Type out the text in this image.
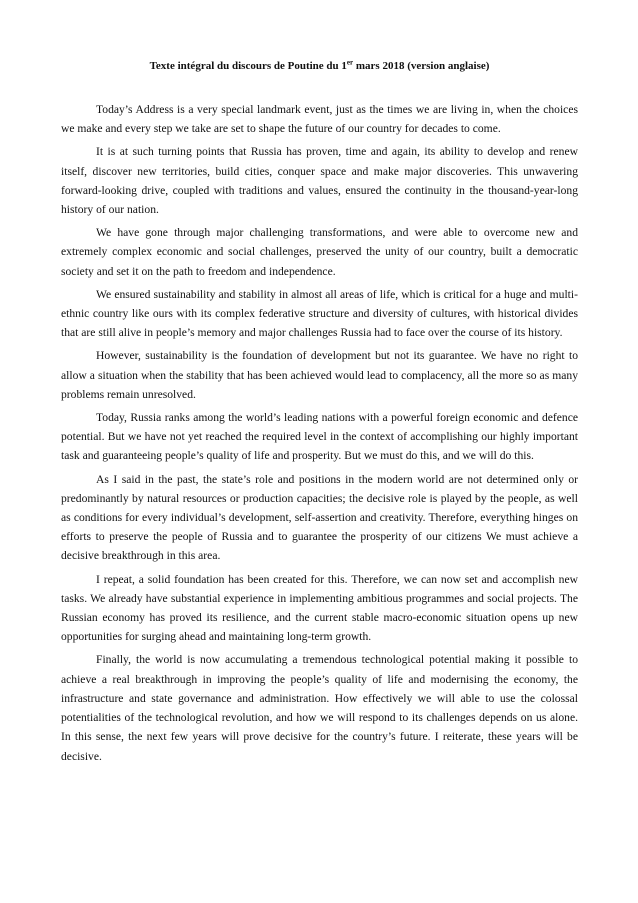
Texte intégral du discours de Poutine du 1er mars 2018 (version anglaise)

Today’s Address is a very special landmark event, just as the times we are living in, when the choices we make and every step we take are set to shape the future of our country for decades to come.

It is at such turning points that Russia has proven, time and again, its ability to develop and renew itself, discover new territories, build cities, conquer space and make major discoveries. This unwavering forward-looking drive, coupled with traditions and values, ensured the continuity in the thousand-year-long history of our nation.

We have gone through major challenging transformations, and were able to overcome new and extremely complex economic and social challenges, preserved the unity of our country, built a democratic society and set it on the path to freedom and independence.

We ensured sustainability and stability in almost all areas of life, which is critical for a huge and multi-ethnic country like ours with its complex federative structure and diversity of cultures, with historical divides that are still alive in people’s memory and major challenges Russia had to face over the course of its history.

However, sustainability is the foundation of development but not its guarantee. We have no right to allow a situation when the stability that has been achieved would lead to complacency, all the more so as many problems remain unresolved.

Today, Russia ranks among the world’s leading nations with a powerful foreign economic and defence potential. But we have not yet reached the required level in the context of accomplishing our highly important task and guaranteeing people’s quality of life and prosperity. But we must do this, and we will do this.

As I said in the past, the state’s role and positions in the modern world are not determined only or predominantly by natural resources or production capacities; the decisive role is played by the people, as well as conditions for every individual’s development, self-assertion and creativity. Therefore, everything hinges on efforts to preserve the people of Russia and to guarantee the prosperity of our citizens We must achieve a decisive breakthrough in this area.

I repeat, a solid foundation has been created for this. Therefore, we can now set and accomplish new tasks. We already have substantial experience in implementing ambitious programmes and social projects. The Russian economy has proved its resilience, and the current stable macro-economic situation opens up new opportunities for surging ahead and maintaining long-term growth.

Finally, the world is now accumulating a tremendous technological potential making it possible to achieve a real breakthrough in improving the people’s quality of life and modernising the economy, the infrastructure and state governance and administration. How effectively we will able to use the colossal potentialities of the technological revolution, and how we will respond to its challenges depends on us alone. In this sense, the next few years will prove decisive for the country’s future. I reiterate, these years will be decisive.
